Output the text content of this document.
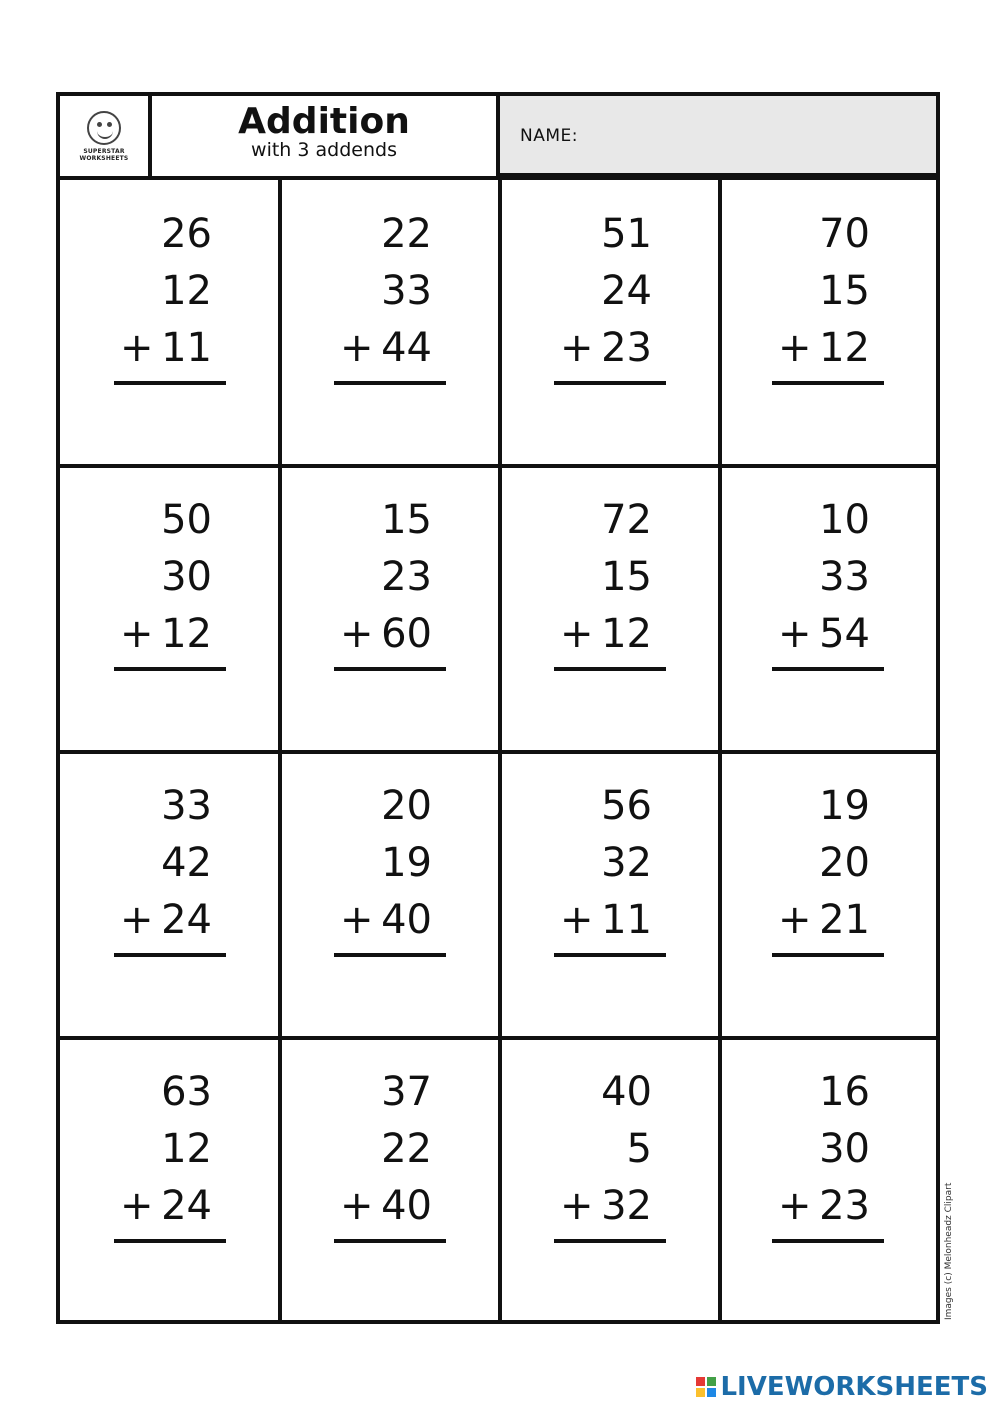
SUPERSTAR WORKSHEETS
Addition
with 3 addends
NAME:
26
12
+ 11
22
33
+ 44
51
24
+ 23
70
15
+ 12
50
30
+ 12
15
23
+ 60
72
15
+ 12
10
33
+ 54
33
42
+ 24
20
19
+ 40
56
32
+ 11
19
20
+ 21
63
12
+ 24
37
22
+ 40
40
5
+ 32
16
30
+ 23	Images (c) Melonheadz Clipart
LIVEWORKSHEETS
